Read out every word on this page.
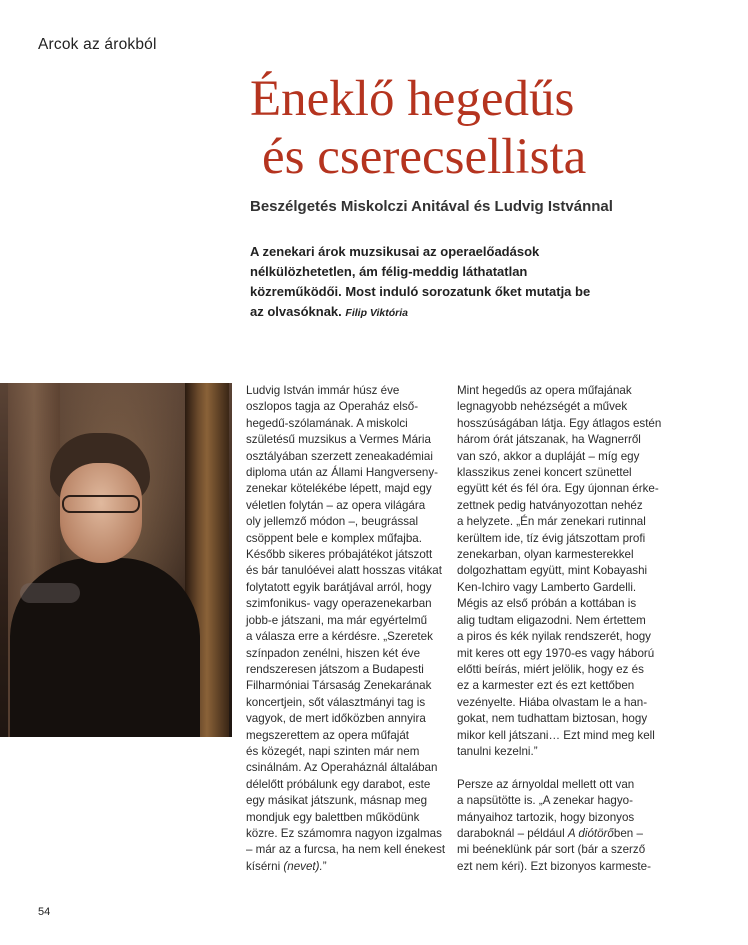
Arcok az árokból
Éneklő hegedűs
és cserecsellista
Beszélgetés Miskolczi Anitával és Ludvig Istvánnal
A zenekari árok muzsikusai az operaelőadások
nélkülözhetetlen, ám félig-meddig láthatatlan
közreműködői. Most induló sorozatunk őket mutatja be
az olvasóknak. Filip Viktória
Ludvig István immár húsz éve
oszlopos tagja az Operaház első-
hegedű-szólamának. A miskolci
születésű muzsikus a Vermes Mária
osztályában szerzett zeneakadémiai
diploma után az Állami Hangverseny-
zenekar kötelékébe lépett, majd egy
véletlen folytán – az opera világára
oly jellemző módon –, beugrással
csöppent bele e komplex műfajba.
Később sikeres próbajátékot játszott
és bár tanulóévei alatt hosszas vitákat
folytatott egyik barátjával arról, hogy
szimfonikus- vagy operazenekarban
jobb-e játszani, ma már egyértelmű
a válasza erre a kérdésre. „Szeretek
színpadon zenélni, hiszen két éve
rendszeresen játszom a Budapesti
Filharmóniai Társaság Zenekarának
koncertjein, sőt választmányi tag is
vagyok, de mert időközben annyira
megszerettem az opera műfaját
és közegét, napi szinten már nem
csinálnám. Az Operaháznál általában
délelőtt próbálunk egy darabot, este
egy másikat játszunk, másnap meg
mondjuk egy balettben működünk
közre. Ez számomra nagyon izgalmas
– már az a furcsa, ha nem kell énekest
kísérni (nevet).”
Mint hegedűs az opera műfajának
legnagyobb nehézségét a művek
hosszúságában látja. Egy átlagos estén
három órát játszanak, ha Wagnerről
van szó, akkor a dupláját – míg egy
klasszikus zenei koncert szünettel
együtt két és fél óra. Egy újonnan érke-
zettnek pedig hatványozottan nehéz
a helyzete. „Én már zenekari rutinnal
kerültem ide, tíz évig játszottam profi
zenekarban, olyan karmesterekkel
dolgozhattam együtt, mint Kobayashi
Ken-Ichiro vagy Lamberto Gardelli.
Mégis az első próbán a kottában is
alig tudtam eligazodni. Nem értettem
a piros és kék nyilak rendszerét, hogy
mit keres ott egy 1970-es vagy háború
előtti beírás, miért jelölik, hogy ez és
ez a karmester ezt és ezt kettőben
vezényelte. Hiába olvastam le a han-
gokat, nem tudhattam biztosan, hogy
mikor kell játszani… Ezt mind meg kell
tanulni kezelni.”
Persze az árnyoldal mellett ott van
a napsütötte is. „A zenekar hagyo-
mányaihoz tartozik, hogy bizonyos
daraboknál – például A diótörőben –
mi beéneklünk pár sort (bár a szerző
ezt nem kéri). Ezt bizonyos karmeste-
54
